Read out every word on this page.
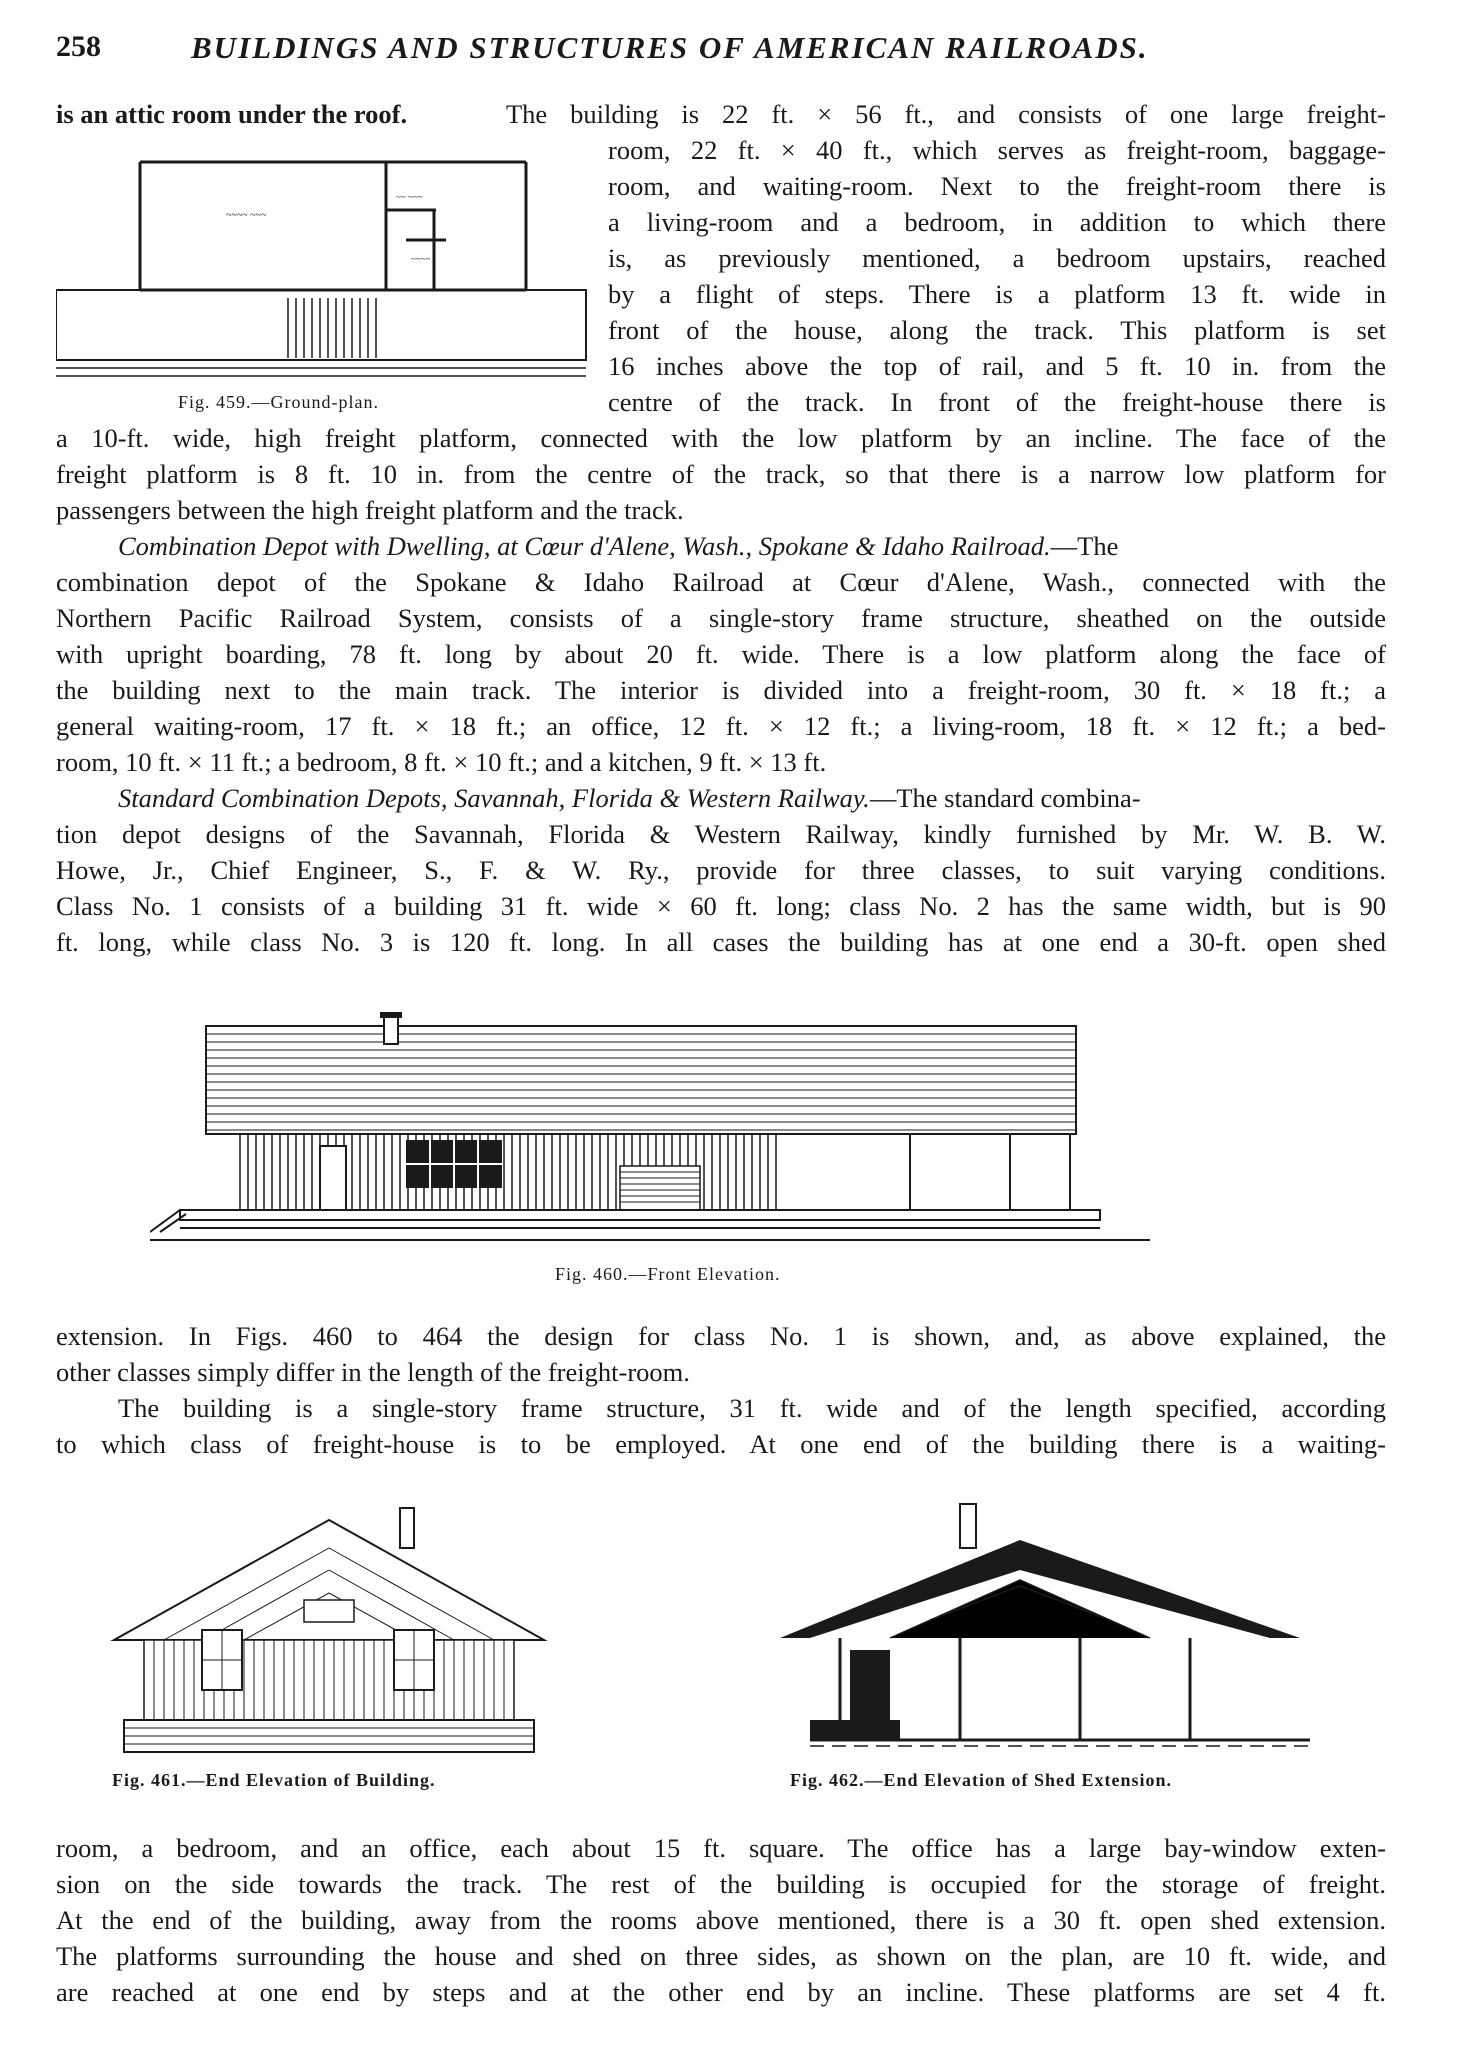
258	BUILDINGS AND STRUCTURES OF AMERICAN RAILROADS.
is an attic room under the roof.	The building is 22 ft. × 56 ft., and consists of one large freight-
room, 22 ft. × 40 ft., which serves as freight-room, baggage-
room, and waiting-room. Next to the freight-room there is
a living-room and a bedroom, in addition to which there
is, as previously mentioned, a bedroom upstairs, reached
by a flight of steps. There is a platform 13 ft. wide in
front of the house, along the track. This platform is set
16 inches above the top of rail, and 5 ft. 10 in. from the
centre of the track. In front of the freight-house there is
~~~~ ~~~
~~ ~~~
~~~~
Fig. 459.—Ground-plan.
a 10-ft. wide, high freight platform, connected with the low platform by an incline. The face of the
freight platform is 8 ft. 10 in. from the centre of the track, so that there is a narrow low platform for
passengers between the high freight platform and the track.
Combination Depot with Dwelling, at Cœur d'Alene, Wash., Spokane & Idaho Railroad.—The
combination depot of the Spokane & Idaho Railroad at Cœur d'Alene, Wash., connected with the
Northern Pacific Railroad System, consists of a single-story frame structure, sheathed on the outside
with upright boarding, 78 ft. long by about 20 ft. wide. There is a low platform along the face of
the building next to the main track. The interior is divided into a freight-room, 30 ft. × 18 ft.; a
general waiting-room, 17 ft. × 18 ft.; an office, 12 ft. × 12 ft.; a living-room, 18 ft. × 12 ft.; a bed-
room, 10 ft. × 11 ft.; a bedroom, 8 ft. × 10 ft.; and a kitchen, 9 ft. × 13 ft.
Standard Combination Depots, Savannah, Florida & Western Railway.—The standard combina-
tion depot designs of the Savannah, Florida & Western Railway, kindly furnished by Mr. W. B. W.
Howe, Jr., Chief Engineer, S., F. & W. Ry., provide for three classes, to suit varying conditions.
Class No. 1 consists of a building 31 ft. wide × 60 ft. long; class No. 2 has the same width, but is 90
ft. long, while class No. 3 is 120 ft. long. In all cases the building has at one end a 30-ft. open shed
Fig. 460.—Front Elevation.
extension. In Figs. 460 to 464 the design for class No. 1 is shown, and, as above explained, the
other classes simply differ in the length of the freight-room.
The building is a single-story frame structure, 31 ft. wide and of the length specified, according
to which class of freight-house is to be employed. At one end of the building there is a waiting-
Fig. 461.—End Elevation of Building.	Fig. 462.—End Elevation of Shed Extension.
room, a bedroom, and an office, each about 15 ft. square. The office has a large bay-window exten-
sion on the side towards the track. The rest of the building is occupied for the storage of freight.
At the end of the building, away from the rooms above mentioned, there is a 30 ft. open shed extension.
The platforms surrounding the house and shed on three sides, as shown on the plan, are 10 ft. wide, and
are reached at one end by steps and at the other end by an incline. These platforms are set 4 ft.
